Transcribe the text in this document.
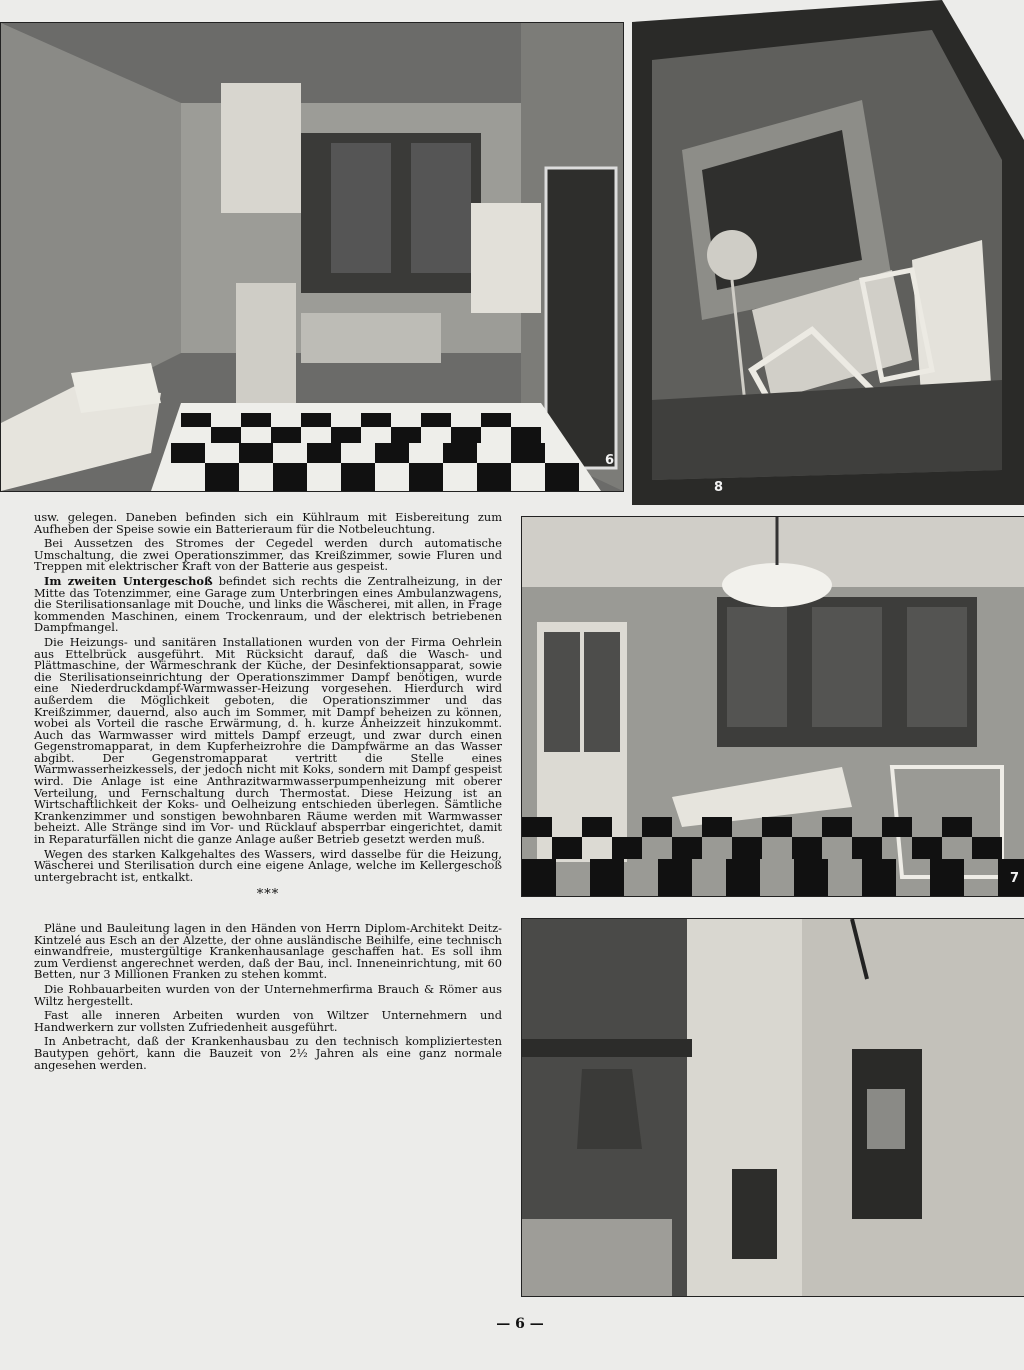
6
8
7

usw. gelegen. Daneben befinden sich ein Kühlraum mit Eisbereitung zum Aufheben der Speise sowie ein Batterieraum für die Notbeleuchtung.

Bei Aussetzen des Stromes der Cegedel werden durch automatische Umschaltung, die zwei Operationszimmer, das Kreißzimmer, sowie Fluren und Treppen mit elektrischer Kraft von der Batterie aus gespeist.

Im zweiten Untergeschoß befindet sich rechts die Zentralheizung, in der Mitte das Totenzimmer, eine Garage zum Unterbringen eines Ambulanzwagens, die Sterilisationsanlage mit Douche, und links die Wäscherei, mit allen, in Frage kommenden Maschinen, einem Trockenraum, und der elektrisch betriebenen Dampfmangel.

Die Heizungs- und sanitären Installationen wurden von der Firma Oehrlein aus Ettelbrück ausgeführt. Mit Rücksicht darauf, daß die Wasch- und Plättmaschine, der Wärmeschrank der Küche, der Desinfektionsapparat, sowie die Sterilisationseinrichtung der Operationszimmer Dampf benötigen, wurde eine Niederdruckdampf-Warmwasser-Heizung vorgesehen. Hierdurch wird außerdem die Möglichkeit geboten, die Operationszimmer und das Kreißzimmer, dauernd, also auch im Sommer, mit Dampf beheizen zu können, wobei als Vorteil die rasche Erwärmung, d. h. kurze Anheizzeit hinzukommt. Auch das Warmwasser wird mittels Dampf erzeugt, und zwar durch einen Gegenstromapparat, in dem Kupferheizrohre die Dampfwärme an das Wasser abgibt. Der Gegenstromapparat vertritt die Stelle eines Warmwasserheizkessels, der jedoch nicht mit Koks, sondern mit Dampf gespeist wird. Die Anlage ist eine Anthrazitwarmwasserpumpenheizung mit oberer Verteilung, und Fernschaltung durch Thermostat. Diese Heizung ist an Wirtschaftlichkeit der Koks- und Oelheizung entschieden überlegen. Sämtliche Krankenzimmer und sonstigen bewohnbaren Räume werden mit Warmwasser beheizt. Alle Stränge sind im Vor- und Rücklauf absperrbar eingerichtet, damit in Reparaturfällen nicht die ganze Anlage außer Betrieb gesetzt werden muß.

Wegen des starken Kalkgehaltes des Wassers, wird dasselbe für die Heizung, Wäscherei und Sterilisation durch eine eigene Anlage, welche im Kellergeschoß untergebracht ist, entkalkt.

***

Pläne und Bauleitung lagen in den Händen von Herrn Diplom-Architekt Deitz-Kintzelé aus Esch an der Alzette, der ohne ausländische Beihilfe, eine technisch einwandfreie, mustergültige Krankenhausanlage geschaffen hat. Es soll ihm zum Verdienst angerechnet werden, daß der Bau, incl. Inneneinrichtung, mit 60 Betten, nur 3 Millionen Franken zu stehen kommt.

Die Rohbauarbeiten wurden von der Unternehmerfirma Brauch & Römer aus Wiltz hergestellt.

Fast alle inneren Arbeiten wurden von Wiltzer Unternehmern und Handwerkern zur vollsten Zufriedenheit ausgeführt.

In Anbetracht, daß der Krankenhausbau zu den technisch kompliziertesten Bautypen gehört, kann die Bauzeit von 2½ Jahren als eine ganz normale angesehen werden.

— 6 —
